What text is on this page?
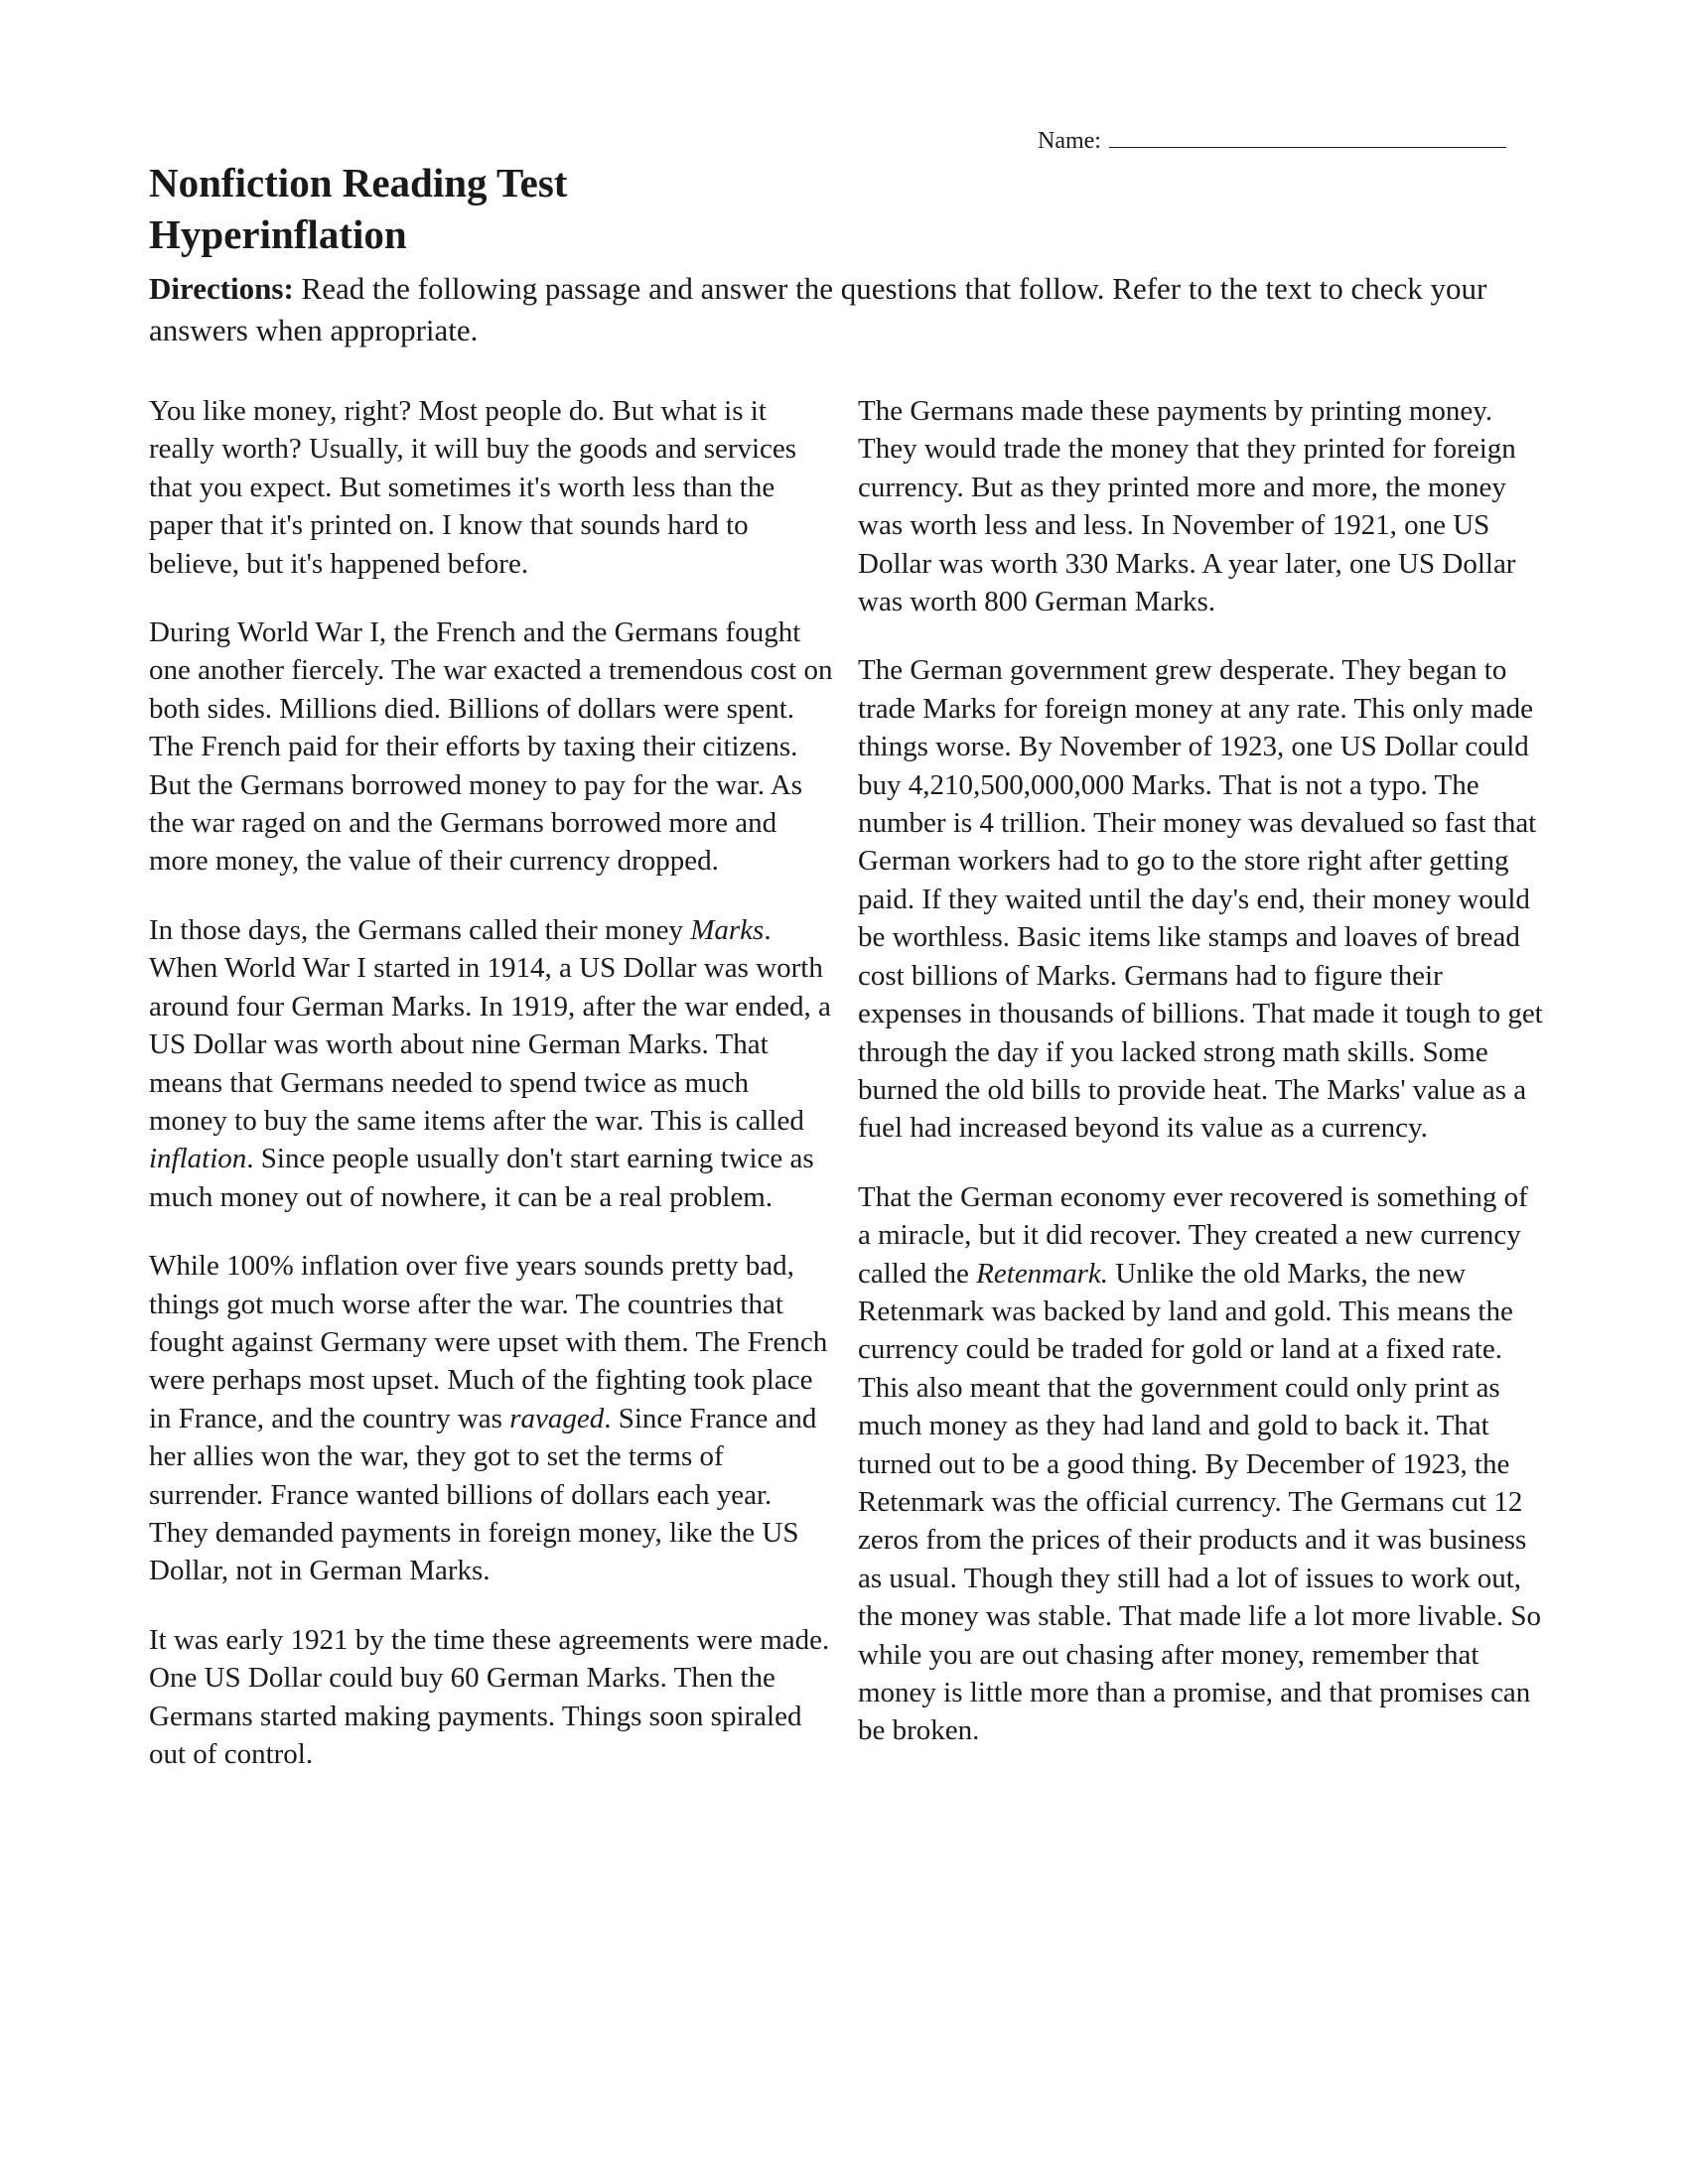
Name:
Nonfiction Reading Test
Hyperinflation

Directions: Read the following passage and answer the questions that follow. Refer to the text to check your answers when appropriate.

You like money, right? Most people do. But what is it really worth? Usually, it will buy the goods and services that you expect. But sometimes it's worth less than the paper that it's printed on. I know that sounds hard to believe, but it's happened before.

During World War I, the French and the Germans fought one another fiercely. The war exacted a tremendous cost on both sides. Millions died. Billions of dollars were spent. The French paid for their efforts by taxing their citizens. But the Germans borrowed money to pay for the war. As the war raged on and the Germans borrowed more and more money, the value of their currency dropped.

In those days, the Germans called their money Marks. When World War I started in 1914, a US Dollar was worth around four German Marks. In 1919, after the war ended, a US Dollar was worth about nine German Marks. That means that Germans needed to spend twice as much money to buy the same items after the war. This is called inflation. Since people usually don't start earning twice as much money out of nowhere, it can be a real problem.

While 100% inflation over five years sounds pretty bad, things got much worse after the war. The countries that fought against Germany were upset with them. The French were perhaps most upset. Much of the fighting took place in France, and the country was ravaged. Since France and her allies won the war, they got to set the terms of surrender. France wanted billions of dollars each year. They demanded payments in foreign money, like the US Dollar, not in German Marks.

It was early 1921 by the time these agreements were made. One US Dollar could buy 60 German Marks. Then the Germans started making payments. Things soon spiraled out of control.

The Germans made these payments by printing money. They would trade the money that they printed for foreign currency. But as they printed more and more, the money was worth less and less. In November of 1921, one US Dollar was worth 330 Marks. A year later, one US Dollar was worth 800 German Marks.

The German government grew desperate. They began to trade Marks for foreign money at any rate. This only made things worse. By November of 1923, one US Dollar could buy 4,210,500,000,000 Marks. That is not a typo. The number is 4 trillion. Their money was devalued so fast that German workers had to go to the store right after getting paid. If they waited until the day's end, their money would be worthless. Basic items like stamps and loaves of bread cost billions of Marks. Germans had to figure their expenses in thousands of billions. That made it tough to get through the day if you lacked strong math skills. Some burned the old bills to provide heat. The Marks' value as a fuel had increased beyond its value as a currency.

That the German economy ever recovered is something of a miracle, but it did recover. They created a new currency called the Retenmark. Unlike the old Marks, the new Retenmark was backed by land and gold. This means the currency could be traded for gold or land at a fixed rate. This also meant that the government could only print as much money as they had land and gold to back it. That turned out to be a good thing. By December of 1923, the Retenmark was the official currency. The Germans cut 12 zeros from the prices of their products and it was business as usual. Though they still had a lot of issues to work out, the money was stable. That made life a lot more livable. So while you are out chasing after money, remember that money is little more than a promise, and that promises can be broken.
